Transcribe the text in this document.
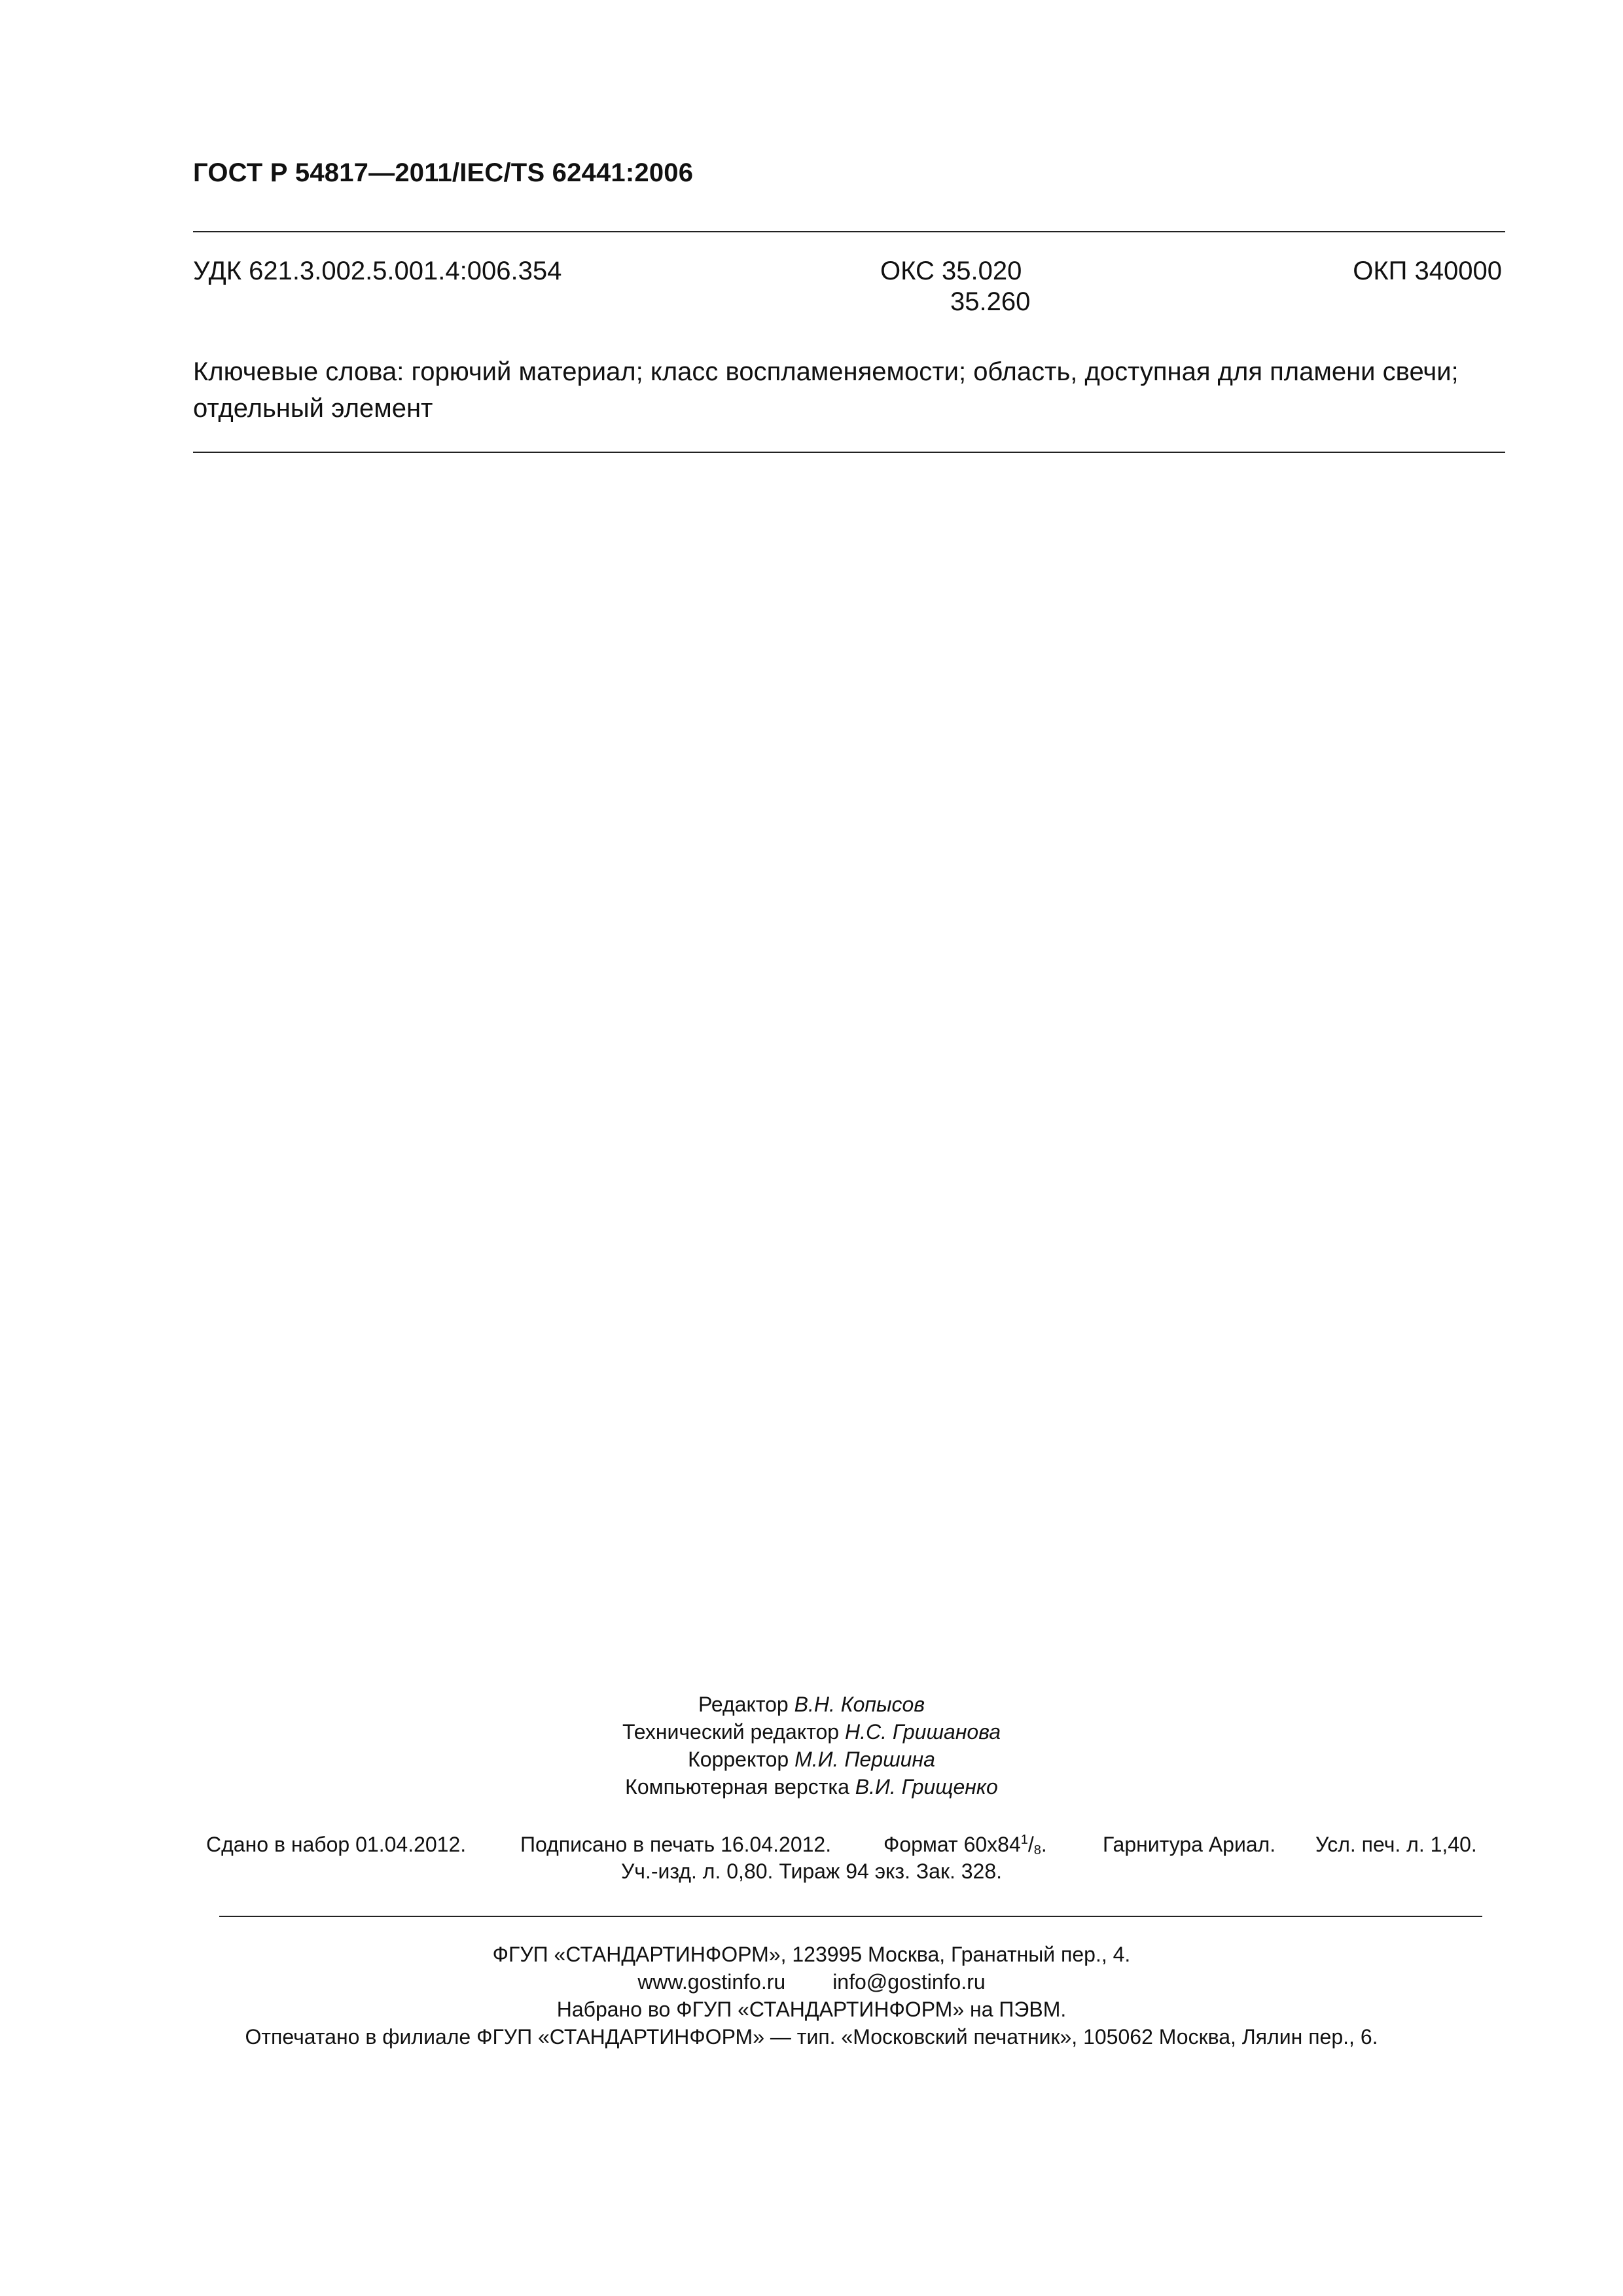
ГОСТ Р 54817—2011/IEC/TS 62441:2006
УДК 621.3.002.5.001.4:006.354	ОКС 35.020
35.260
ОКП 340000
Ключевые слова: горючий материал; класс воспламеняемости; область, доступная для пламени свечи; отдельный элемент
Редактор В.Н. Копысов
Технический редактор Н.С. Гришанова
Корректор М.И. Першина
Компьютерная верстка В.И. Грищенко
Сдано в набор 01.04.2012.	Подписано в печать 16.04.2012. Формат $60х84^1/_8$.	Гарнитура Ариал. Усл. печ. л. 1,40.
Уч.-изд. л. 0,80. Тираж 94 экз. Зак. 328.
ФГУП «СТАНДАРТИНФОРМ», 123995 Москва, Гранатный пер., 4.
www.gostinfo.ru info@gostinfo.ru
Набрано во ФГУП «СТАНДАРТИНФОРМ» на ПЭВМ.
Отпечатано в филиале ФГУП «СТАНДАРТИНФОРМ» — тип. «Московский печатник», 105062 Москва, Лялин пер., 6.
